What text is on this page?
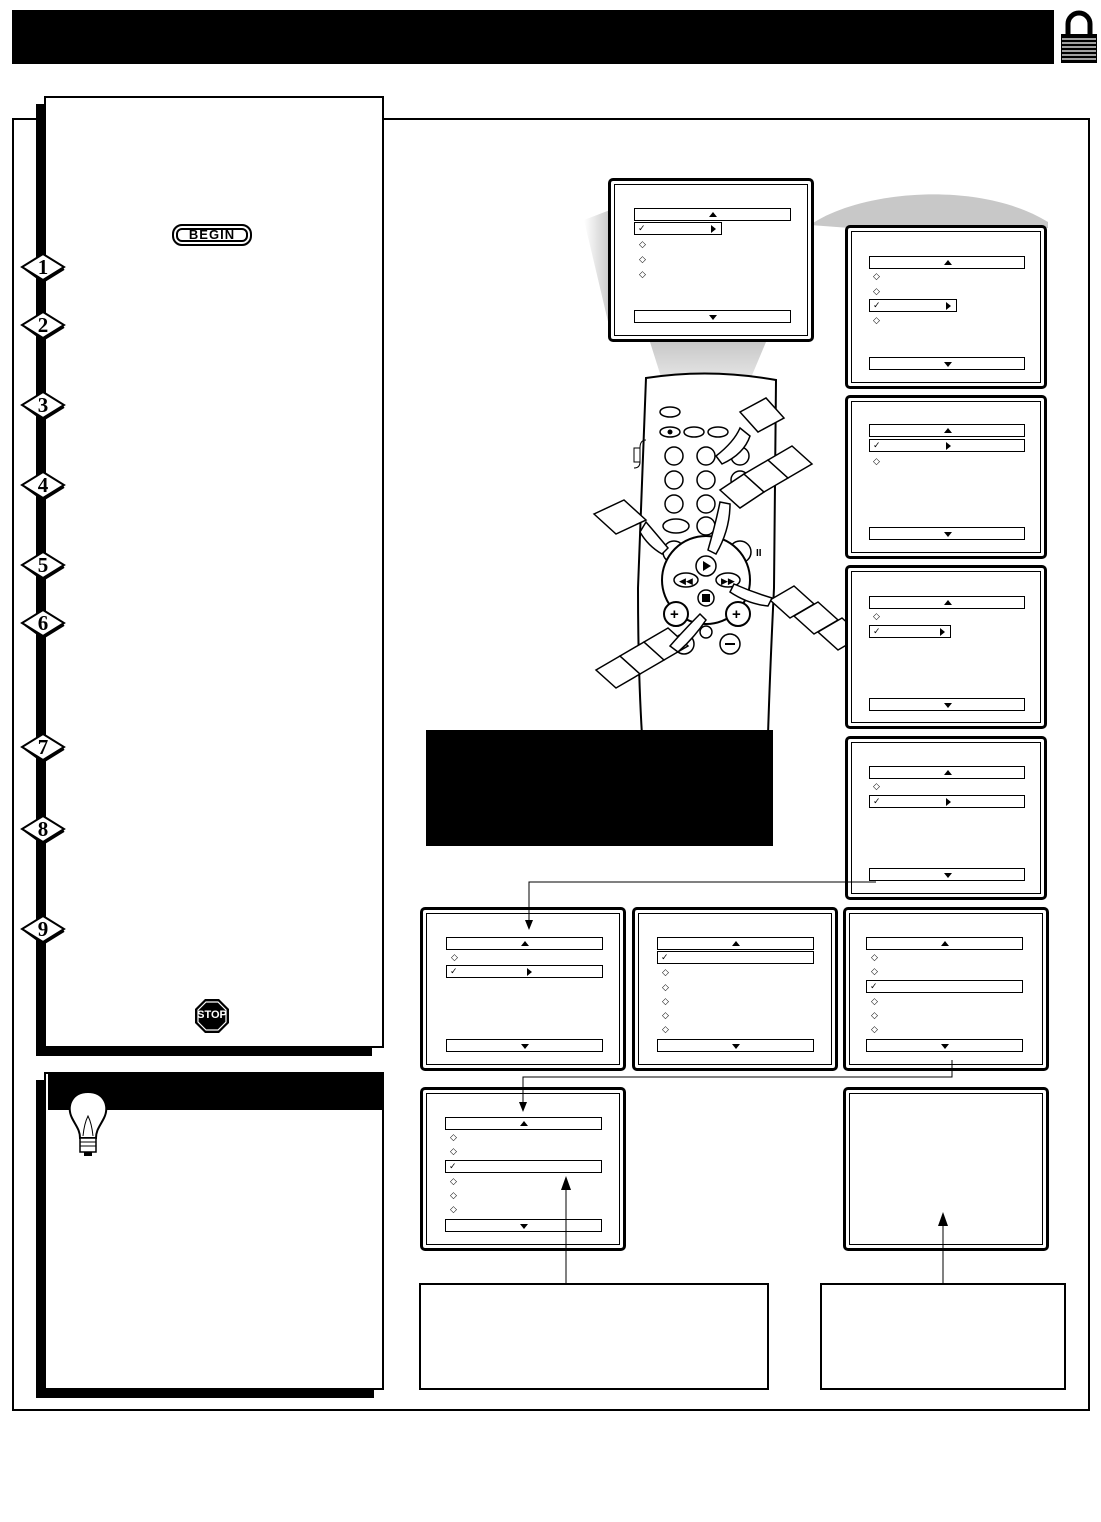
BEGIN
1
2
3
4
5
6
7
8
9
STOP
✓
◇
◇
◇
II
◀◀	▶▶
+	+
◇
◇
✓
◇
✓
◇
◇
✓
◇
✓
◇
✓
✓
◇
◇
◇
◇
◇
◇
◇
✓
◇
◇
◇
◇
◇
✓
◇
◇
◇
